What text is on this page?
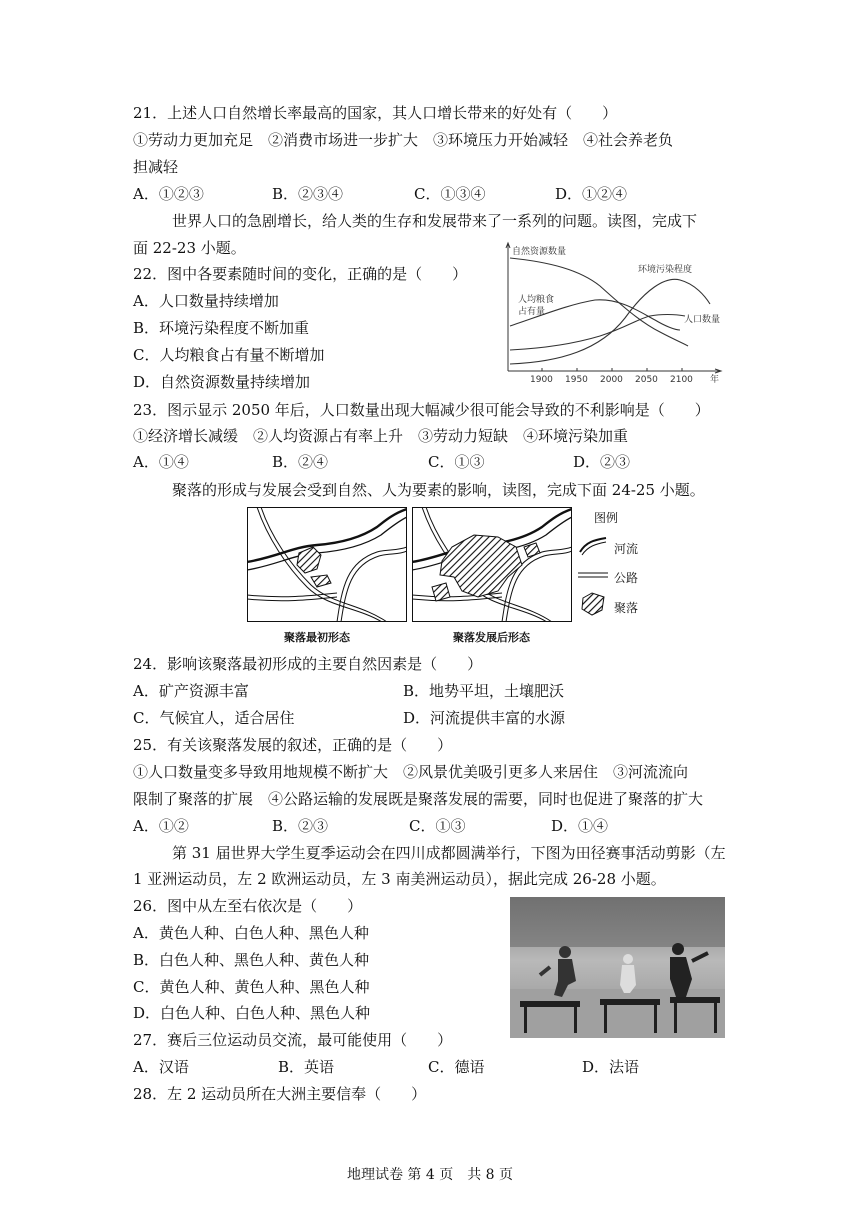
21．上述人口自然增长率最高的国家，其人口增长带来的好处有（　　）
①劳动力更加充足　②消费市场进一步扩大　③环境压力开始减轻　④社会养老负
担减轻
A．①②③	B．②③④	C．①③④	D．①②④
世界人口的急剧增长，给人类的生存和发展带来了一系列的问题。读图，完成下
面 22-23 小题。
22．图中各要素随时间的变化，正确的是（　　）
A．人口数量持续增加
B．环境污染程度不断加重
C．人均粮食占有量不断增加
D．自然资源数量持续增加
自然资源数量
环境污染程度
人均粮食
占有量
人口数量
1900 1950 2000 2050 2100 年
23．图示显示 2050 年后，人口数量出现大幅减少很可能会导致的不利影响是（　　）
①经济增长减缓　②人均资源占有率上升　③劳动力短缺　④环境污染加重
A．①④	B．②④	C．①③	D．②③
聚落的形成与发展会受到自然、人为要素的影响，读图，完成下面 24-25 小题。
聚落最初形态	聚落发展后形态
图例
河流
公路
聚落
24．影响该聚落最初形成的主要自然因素是（　　）
A．矿产资源丰富	B．地势平坦，土壤肥沃
C．气候宜人，适合居住	D．河流提供丰富的水源
25．有关该聚落发展的叙述，正确的是（　　）
①人口数量变多导致用地规模不断扩大　②风景优美吸引更多人来居住　③河流流向
限制了聚落的扩展　④公路运输的发展既是聚落发展的需要，同时也促进了聚落的扩大
A．①②	B．②③	C．①③	D．①④
第 31 届世界大学生夏季运动会在四川成都圆满举行，下图为田径赛事活动剪影（左
1 亚洲运动员，左 2 欧洲运动员，左 3 南美洲运动员），据此完成 26-28 小题。
26．图中从左至右依次是（　　）
A．黄色人种、白色人种、黑色人种
B．白色人种、黑色人种、黄色人种
C．黄色人种、黄色人种、黑色人种
D．白色人种、白色人种、黑色人种
27．赛后三位运动员交流，最可能使用（　　）
A．汉语	B．英语	C．德语	D．法语
28．左 2 运动员所在大洲主要信奉（　　）
地理试卷 第 4 页　共 8 页
